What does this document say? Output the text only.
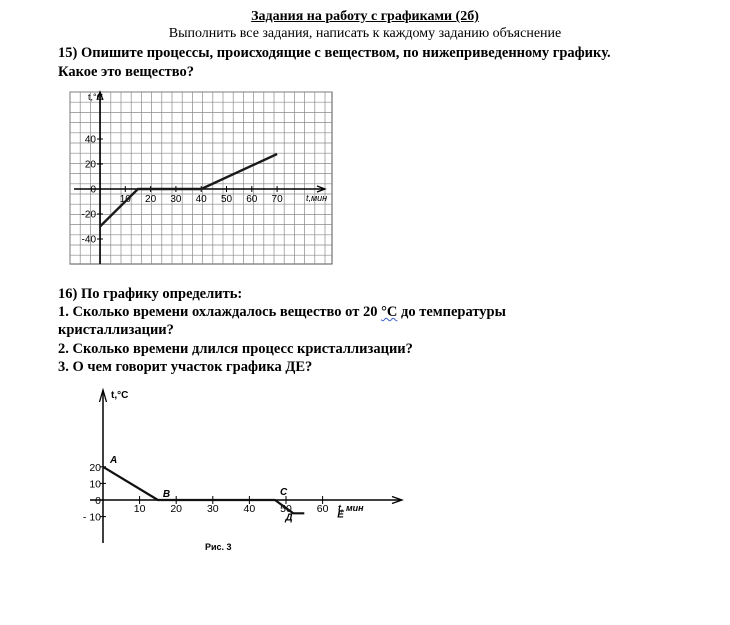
Задания на работу с графиками (2б)
Выполнить все задания, написать к каждому заданию объяснение
15) Опишите процессы, происходящие с веществом, по нижеприведенному графику.
Какое это вещество?
t,°C
t,мин
-40
-20
0
20
40
10 20 30 40 50 60 70
16) По графику определить:
1. Сколько времени охлаждалось вещество от 20 °С до температуры
кристаллизации?
2. Сколько времени длился процесс кристаллизации?
3. О чем говорит участок графика ДЕ?
t,°C
t, мин
- 10
0
10
20
10 20 30 40 50 60
A
B	C
Д	E
Рис. 3
